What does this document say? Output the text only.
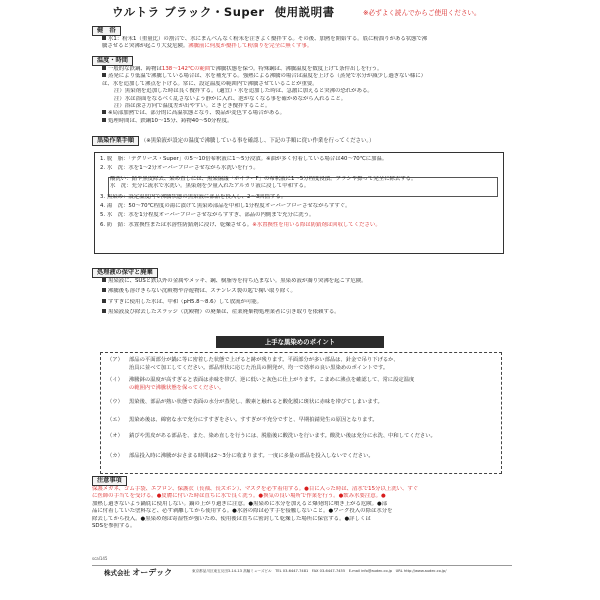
ウルトラ ブラック・Super 使用説明書	※必ずよく読んでからご使用ください。
健　浴
水1：粉末1（重量比）の割合で、水にまんべんなく粉末を注ぎよく攪拌する。その後、加熱を開始する。底に粉溜りがある状態で沸
騰させると突沸が起こり大変危険。沸騰前に何度か攪拌して粉溜りを完全に無くす事。
温度・時間
一般的な鉄鋼、鋳物は138～142℃の範囲で沸騰状態を保つ。特殊鋼は、沸騰温度を数度上げて条件出しを行う。
蒸発により低温で沸騰している場合は、水を補充する。強熱による沸騰の場合は温度を上げる（蒸発で水分が減少し過ぎない様に）
は、水を追加して沸点を下げる。常に、設定温度の範囲内で沸騰させていることが重要。
注）黒染剤を追加した時は良く攪拌する。（適宜）・水を追加した時は、急激に加えると突沸の恐れがある。
注）水は浴面をなるべく乱さないよう静かに入れ、泡がなくなる事を確かめながら入れること。
注）浴は深さ方向で温度差が出やすい。ときどき攪拌すること。
※局部加熱では、部分的に高温状態となり、製品が変色する場合がある。
処理時間は、鉄鋼10～15分、鋳物40～50分程度。
黒染作業手順 （※黒染液が設定の温度で沸騰している事を確認し、下記の手順に従い作業を行ってください。）
1. 脱　脂：「デグリーズ・Super」の5～10倍希釈液に1～5分浸漬。※油が多く付着している場合は40～70℃に加温。
2. 水　洗：水を1～2分オーバーフローさせながら水洗いを行う。
酸洗い：錆や黒皮除去、染め直しには、黒染協議「ホイラーF」の希釈液に1～5分程度浸漬。ブラシや擦って完全に除去する。
水　洗：充分に流水で水洗い。黒染剤を少量入れたアルカリ液に浸して中和する。
3. 黒染め：設定温度内で沸騰状態の黒染液に部品を投入し、2～3回揺する。
4. 湯　洗：50～70℃程度の湯に漬けて黒染め部品を中和し1分程度オーバーフローさせながらすすぐ。
5. 水　洗：水を1分程度オーバーフローさせながらすすぎ、部品の内側まで充分に洗う。
6. 防　錆：水置換性または水溶性防錆剤に浸け、乾燥させる。※水置換性を用いる際は防錆剤は回収してください。
処理液の保守と廃棄
黒染液に、SUSと鉄以外の金属やメッキ、鋼、樹脂等を持ち込まない。黒染め液が濁り突沸を起こす危険。
沸騰後も溶けきらない沈殿物や浮遊物は、ステンレス製の匙で掬い取り除く。
すすぎに使用した水は、中和（pH5.8～8.6）して放流が可能。
黒染液及び除去したスラッジ（沈殿物）の廃棄は、産業廃棄物処理業者に引き取りを依頼する。
上手な黒染めのポイント
（ア） 部品の平面部分が鍋に等に密着した状態で上げると跡が残ります。平面部分が多い部品は、針金で吊り下げるか、
治具に並べて加工してください。部品形状に応じた治具の開発が、均一で効率の良い黒染めのポイントです。
（イ） 沸騰鉢の温度が高すぎると表面は赤味を帯び、逆に低いと灰色に仕上がります。こまめに沸点を確認して、常に設定温度
の範囲内で沸騰状態を保ってください。
（ウ） 黒染後、部品が熱い状態で表面の水分が蒸発し、酸素と触れると酸化膜に斑状に赤味を帯びてしまいます。
（エ） 黒染め後は、綿密な水で充分にすすぎをさい。すすぎが不充分ですと、早期拍錆発生の原因となります。
（オ） 錆びや黒皮がある部品を、また、染め直しを行うには、脱脂後に酸洗いを行います。酸洗い後は充分に水洗、中和してください。
（カ） 部品投入時に沸騰がおさまる時間は2～3分に收まります。一度に多量の部品を投入しないでください。
注意事項
保護メガネ、ゴム手袋、エプロン、保護衣（長袖、長ズボン）、マスクを必ず着用する。●目に入った時は、清水で15分以上洗い、すぐ
に医師の手当てを受ける。●皮膚に付いた時は直ちに水で良く洗う。●換気の良い場所で作業を行う。●飲み水要注意。●
加熱し過ぎないよう鍋底に使用しない。鍋の上がり過ぎに注意。●黒染めに水分を加えると爆発的に噴き上がる危険。●部
品に付着していた塗料など、必ず剥離してから使用する。●水溶の際は必ず手を接触しないこと。●ワーク投入の際は水分を
除去してから投入。●黒染め剤は寄湿性が強いため、使用後は直ちに密封して乾燥した場所に保管する。●詳しくは
SDSを参照する。
scal145
株式会社 オーデック	東京都品川区東五反田3-14-13 高輪ミューズビル　TEL 03-6447-7481　FAX 03-6447-7455　E-mail info@audec.co.jp　URL http://www.audec.co.jp/
